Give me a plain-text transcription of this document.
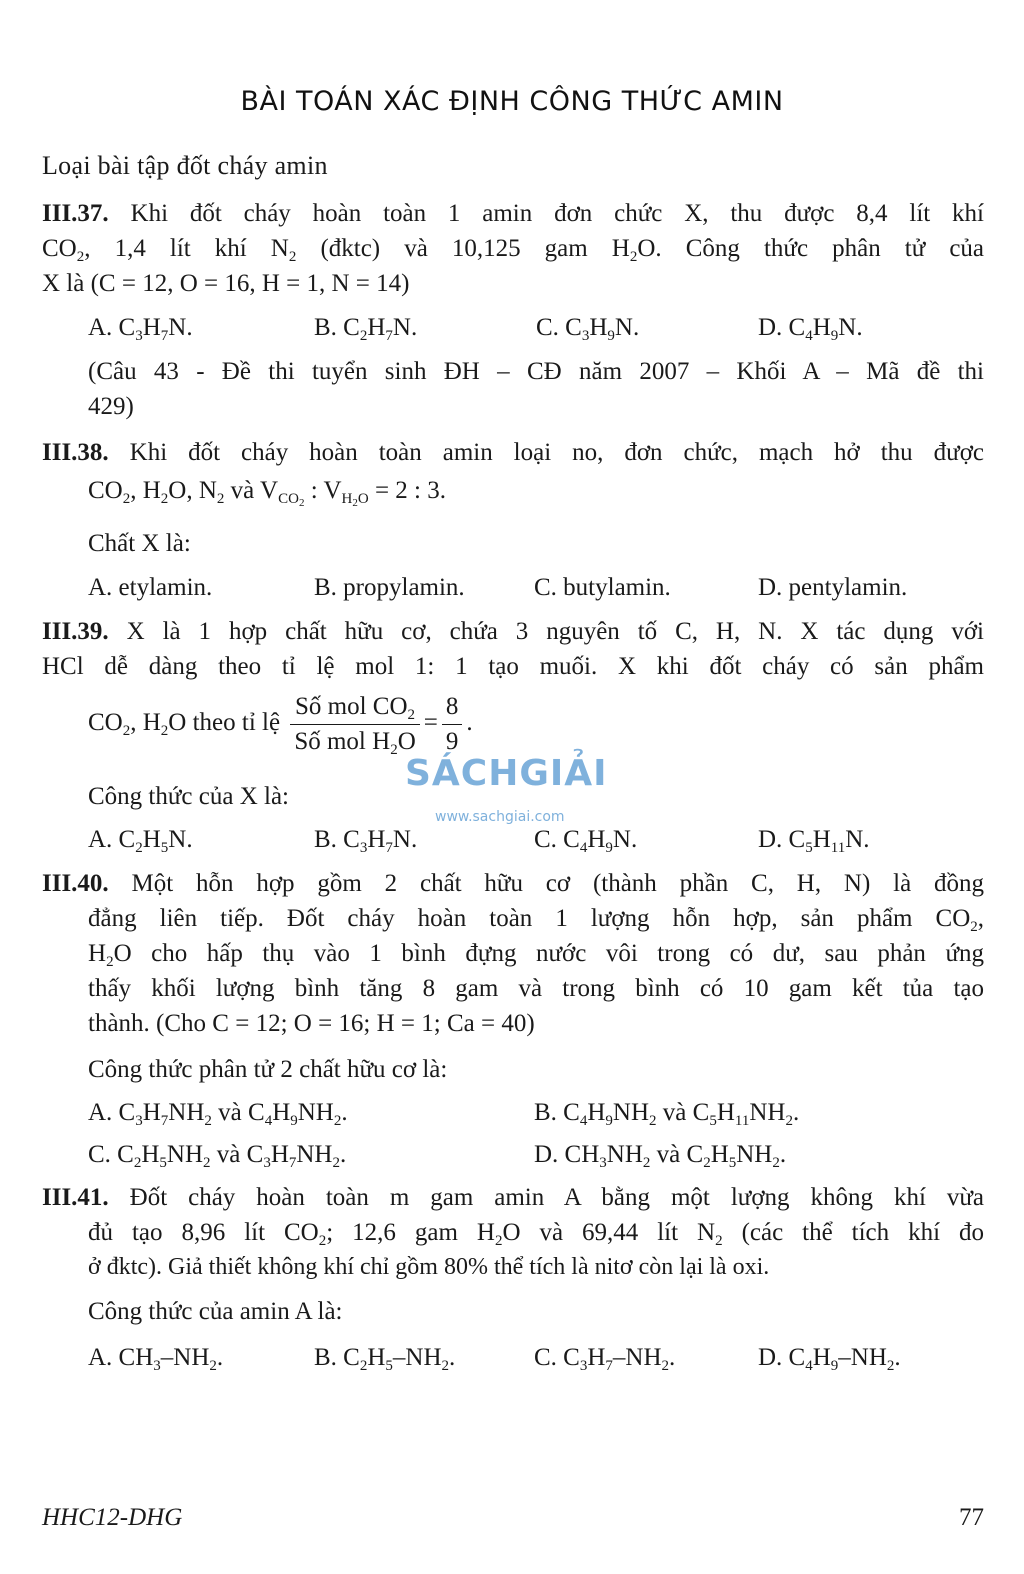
BÀI TOÁN XÁC ĐỊNH CÔNG THỨC AMIN
Loại bài tập đốt cháy amin
III.37. Khi đốt cháy hoàn toàn 1 amin đơn chức X, thu được 8,4 lít khí
$CO_2$, 1,4 lít khí $N_2$ (đktc) và 10,125 gam $H_2O$. Công thức phân tử của
X là (C = 12, O = 16, H = 1, N = 14)
A. $C_3H_7N$.	B. $C_2H_7N$.	C. $C_3H_9N$.	D. $C_4H_9N$.
(Câu 43 - Đề thi tuyển sinh ĐH – CĐ năm 2007 – Khối A – Mã đề thi
429)
III.38. Khi đốt cháy hoàn toàn amin loại no, đơn chức, mạch hở thu được
$CO_2$, $H_2O$, $N_2$ và $V_{CO_2}$ : $V_{H_2O} = 2$ : 3.
Chất X là:
A. etylamin.	B. propylamin.	C. butylamin.	D. pentylamin.
III.39. X là 1 hợp chất hữu cơ, chứa 3 nguyên tố C, H, N. X tác dụng với
HCl dễ dàng theo tỉ lệ mol 1: 1 tạo muối. X khi đốt cháy có sản phẩm
$CO_2$, $H_2O$ theo tỉ lệ $\frac{Số mol CO_2}{Số mol H_2O} = \frac{8}{9}$ .
Công thức của X là:
A. $C_2H_5N$.	B. $C_3H_7N$.	C. $C_4H_9N$.	D. $C_5H_{11}N$.
III.40. Một hỗn hợp gồm 2 chất hữu cơ (thành phần C, H, N) là đồng
đẳng liên tiếp. Đốt cháy hoàn toàn 1 lượng hỗn hợp, sản phẩm $CO_2$,
$H_2O$ cho hấp thụ vào 1 bình đựng nước vôi trong có dư, sau phản ứng
thấy khối lượng bình tăng 8 gam và trong bình có 10 gam kết tủa tạo
thành. (Cho C = 12; O = 16; H = 1; Ca = 40)
Công thức phân tử 2 chất hữu cơ là:
A. $C_3H_7NH_2$ và $C_4H_9NH_2$.	B. $C_4H_9NH_2$ và $C_5H_{11}NH_2$.
C. $C_2H_5NH_2$ và $C_3H_7NH_2$.	D. $CH_3NH_2$ và $C_2H_5NH_2$.
III.41. Đốt cháy hoàn toàn m gam amin A bằng một lượng không khí vừa
đủ tạo 8,96 lít $CO_2$; 12,6 gam $H_2O$ và 69,44 lít $N_2$ (các thể tích khí đo
ở đktc). Giả thiết không khí chỉ gồm 80% thể tích là nitơ còn lại là oxi.
Công thức của amin A là:
A. $CH_3-NH_2$.	B. $C_2H_5-NH_2$.	C. $C_3H_7-NH_2$.	D. $C_4H_9-NH_2$.
SÁCHGIẢI
www.sachgiai.com
HHC12-DHG	77
